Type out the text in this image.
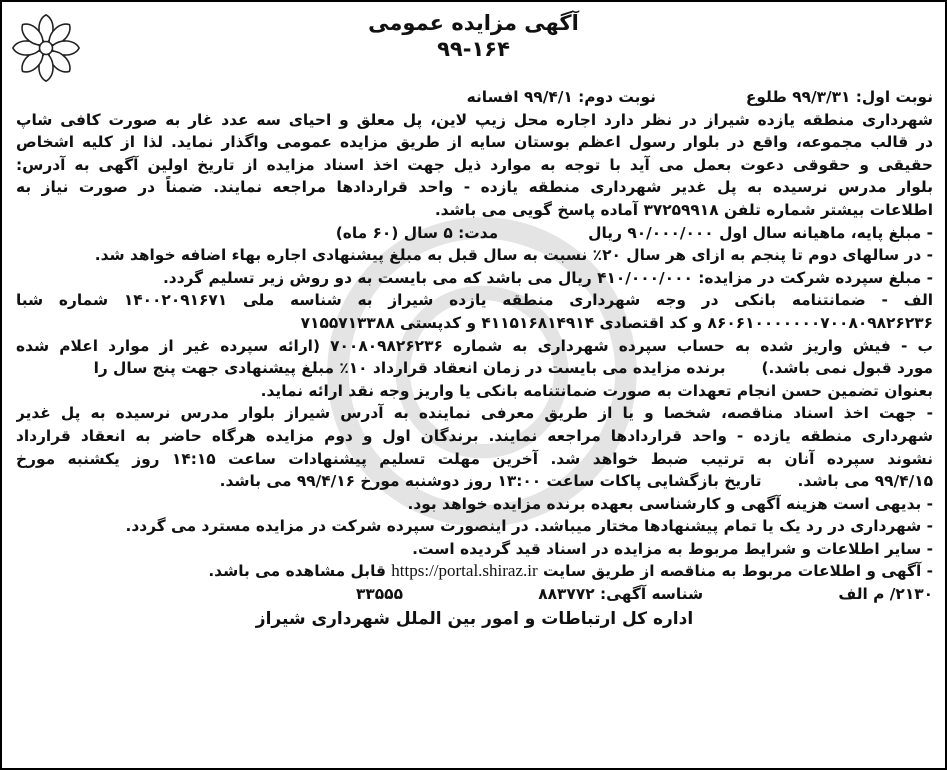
آگهی مزایده عمومی
۹۹-۱۶۴
نوبت اول: ۹۹/۳/۳۱ طلوعنوبت دوم: ۹۹/۴/۱ افسانه
شهرداری منطقه یازده شیراز در نظر دارد اجاره محل زیپ لاین، پل معلق و احیای سه عدد غار به صورت کافی شاپ
در قالب مجموعه، واقع در بلوار رسول اعظم بوستان سایه از طریق مزایده عمومی واگذار نماید. لذا از کلیه اشخاص
حقیقی و حقوقی دعوت بعمل می آید با توجه به موارد ذیل جهت اخذ اسناد مزایده از تاریخ اولین آگهی به آدرس:
بلوار مدرس نرسیده به پل غدیر شهرداری منطقه یازده - واحد قراردادها مراجعه نمایند. ضمناً در صورت نیاز به
اطلاعات بیشتر شماره تلفن ۳۷۲۵۹۹۱۸ آماده پاسخ گویی می باشد.
- مبلغ پایه، ماهیانه سال اول ۹۰/۰۰۰/۰۰۰ ریالمدت: ۵ سال (۶۰ ماه)
- در سالهای دوم تا پنجم به ازای هر سال ۲۰٪ نسبت به سال قبل به مبلغ پیشنهادی اجاره بهاء اضافه خواهد شد.
- مبلغ سپرده شرکت در مزایده: ۴۱۰/۰۰۰/۰۰۰ ریال می باشد که می بایست به دو روش زیر تسلیم گردد.
الف - ضمانتنامه بانکی در وجه شهرداری منطقه یازده شیراز به شناسه ملی ۱۴۰۰۲۰۹۱۶۷۱ شماره شبا
۸۶۰۶۱۰۰۰۰۰۰۰۷۰۰۸۰۹۸۲۶۲۳۶ و کد اقتصادی ۴۱۱۵۱۶۸۱۴۹۱۴ و کدپستی ۷۱۵۵۷۱۳۳۸۸
ب - فیش واریز شده به حساب سپرده شهرداری به شماره ۷۰۰۸۰۹۸۲۶۲۳۶ (ارائه سپرده غیر از موارد اعلام شده
مورد قبول نمی باشد.)برنده مزایده می بایست در زمان انعقاد قرارداد ۱۰٪ مبلغ پیشنهادی جهت پنج سال را
بعنوان تضمین حسن انجام تعهدات به صورت ضمانتنامه بانکی یا واریز وجه نقد ارائه نماید.
- جهت اخذ اسناد مناقصه، شخصا و یا از طریق معرفی نماینده به آدرس شیراز بلوار مدرس نرسیده به پل غدیر
شهرداری منطقه یازده - واحد قراردادها مراجعه نمایند. برندگان اول و دوم مزایده هرگاه حاضر به انعقاد قرارداد
نشوند سپرده آنان به ترتیب ضبط خواهد شد. آخرین مهلت تسلیم پیشنهادات ساعت ۱۴:۱۵ روز یکشنبه مورخ
۹۹/۴/۱۵ می باشد.تاریخ بازگشایی پاکات ساعت ۱۳:۰۰ روز دوشنبه مورخ ۹۹/۴/۱۶ می باشد.
- بدیهی است هزینه آگهی و کارشناسی بعهده برنده مزایده خواهد بود.
- شهرداری در رد یک یا تمام پیشنهادها مختار میباشد. در اینصورت سپرده شرکت در مزایده مسترد می گردد.
- سایر اطلاعات و شرایط مربوط به مزایده در اسناد قید گردیده است.
- آگهی و اطلاعات مربوط به مناقصه از طریق سایت https://portal.shiraz.ir قابل مشاهده می باشد.
۲۱۳۰/ م الف
شناسه آگهی: ۸۸۳۷۷۲
۳۳۵۵۵
اداره کل ارتباطات و امور بین الملل شهرداری شیراز
